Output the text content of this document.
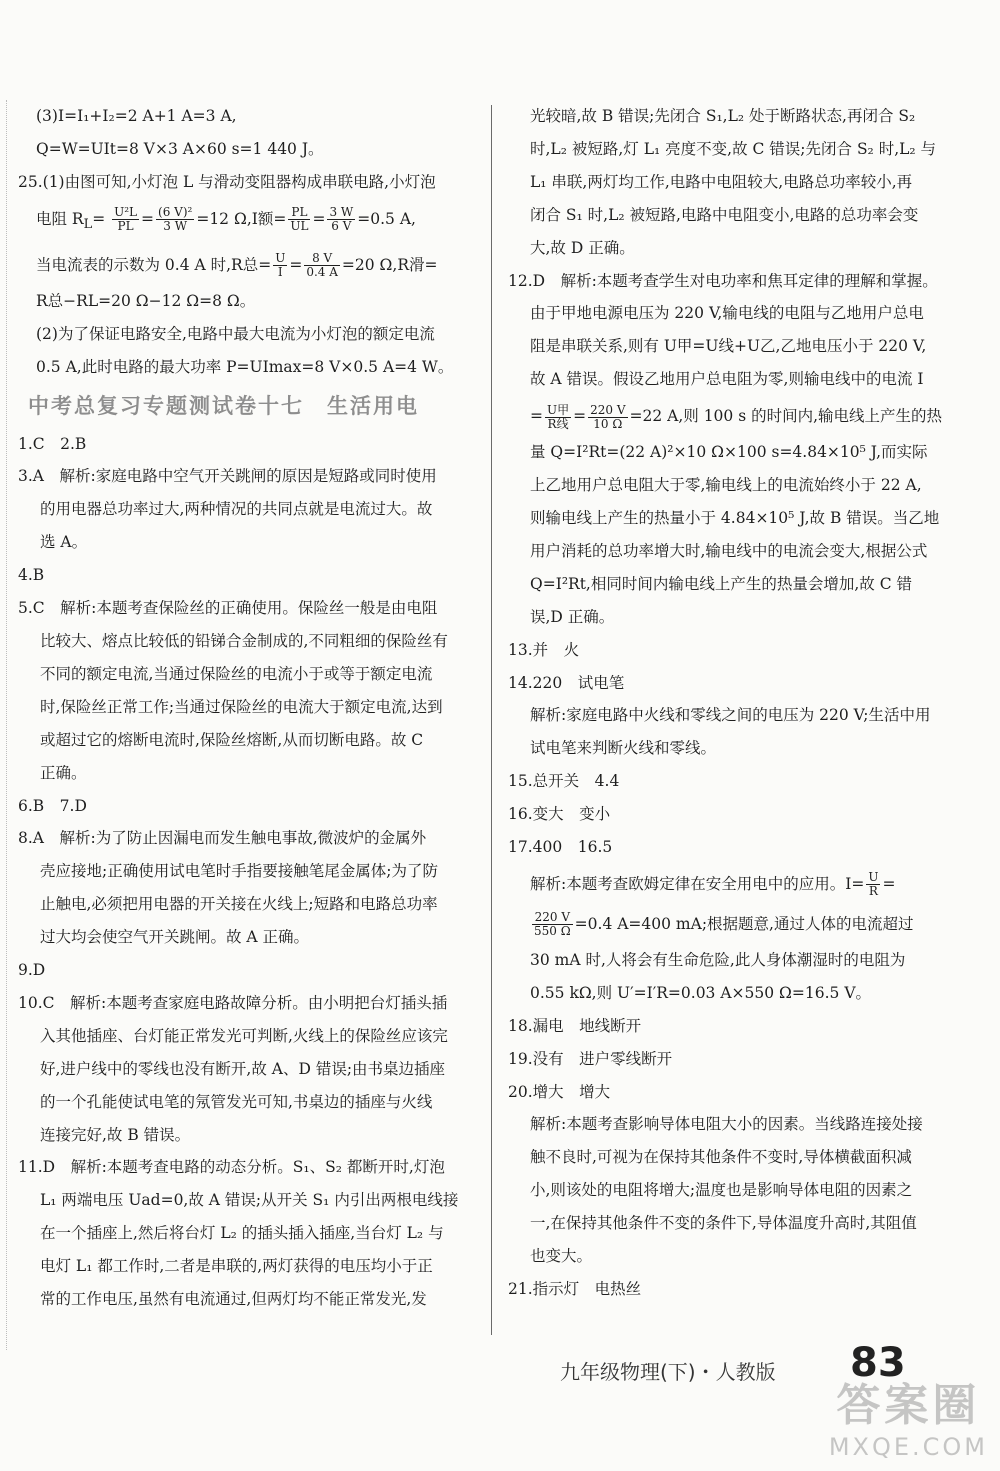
(3)I=I₁+I₂=2 A+1 A=3 A,
Q=W=UIt=8 V×3 A×60 s=1 440 J。
25.(1)由图可知,小灯泡 L 与滑动变阻器构成串联电路,小灯泡
电阻 $R_L= \frac{\text{U²L}}{PL} = \frac{\text{(6 V)²}}{3 W} =12$ Ω,I额= $\frac{PL}{UL} = \frac{3 W}{6 V} =0.5$ A,
当电流表的示数为 0.4 A 时,R总= $\frac{U}{I} = \frac{8 V}{0.4 A} =20$ Ω,R滑=
R总−RL=20 Ω−12 Ω=8 Ω。
(2)为了保证电路安全,电路中最大电流为小灯泡的额定电流
0.5 A,此时电路的最大功率 P=UImax=8 V×0.5 A=4 W。
中考总复习专题测试卷十七　生活用电
1.C　2.B
3.A　解析:家庭电路中空气开关跳闸的原因是短路或同时使用
的用电器总功率过大,两种情况的共同点就是电流过大。故
选 A。
4.B
5.C　解析:本题考查保险丝的正确使用。保险丝一般是由电阻
比较大、熔点比较低的铅锑合金制成的,不同粗细的保险丝有
不同的额定电流,当通过保险丝的电流小于或等于额定电流
时,保险丝正常工作;当通过保险丝的电流大于额定电流,达到
或超过它的熔断电流时,保险丝熔断,从而切断电路。故 C
正确。
6.B　7.D
8.A　解析:为了防止因漏电而发生触电事故,微波炉的金属外
壳应接地;正确使用试电笔时手指要接触笔尾金属体;为了防
止触电,必须把用电器的开关接在火线上;短路和电路总功率
过大均会使空气开关跳闸。故 A 正确。
9.D
10.C　解析:本题考查家庭电路故障分析。由小明把台灯插头插
入其他插座、台灯能正常发光可判断,火线上的保险丝应该完
好,进户线中的零线也没有断开,故 A、D 错误;由书桌边插座
的一个孔能使试电笔的氖管发光可知,书桌边的插座与火线
连接完好,故 B 错误。
11.D　解析:本题考查电路的动态分析。S₁、S₂ 都断开时,灯泡
L₁ 两端电压 Uad=0,故 A 错误;从开关 S₁ 内引出两根电线接
在一个插座上,然后将台灯 L₂ 的插头插入插座,当台灯 L₂ 与
电灯 L₁ 都工作时,二者是串联的,两灯获得的电压均小于正
常的工作电压,虽然有电流通过,但两灯均不能正常发光,发
光较暗,故 B 错误;先闭合 S₁,L₂ 处于断路状态,再闭合 S₂
时,L₂ 被短路,灯 L₁ 亮度不变,故 C 错误;先闭合 S₂ 时,L₂ 与
L₁ 串联,两灯均工作,电路中电阻较大,电路总功率较小,再
闭合 S₁ 时,L₂ 被短路,电路中电阻变小,电路的总功率会变
大,故 D 正确。
12.D　解析:本题考查学生对电功率和焦耳定律的理解和掌握。
由于甲地电源电压为 220 V,输电线的电阻与乙地用户总电
阻是串联关系,则有 U甲=U线+U乙,乙地电压小于 220 V,
故 A 错误。假设乙地用户总电阻为零,则输电线中的电流 I
= $\frac{\text{U甲}}{\text{R线}} = \frac{220 V}{10 \Omega} =22$ A,则 100 s 的时间内,输电线上产生的热
量 Q=I²Rt=(22 A)²×10 Ω×100 s=4.84×10⁵ J,而实际
上乙地用户总电阻大于零,输电线上的电流始终小于 22 A,
则输电线上产生的热量小于 4.84×10⁵ J,故 B 错误。当乙地
用户消耗的总功率增大时,输电线中的电流会变大,根据公式
Q=I²Rt,相同时间内输电线上产生的热量会增加,故 C 错
误,D 正确。
13.并　火
14.220　试电笔
解析:家庭电路中火线和零线之间的电压为 220 V;生活中用
试电笔来判断火线和零线。
15.总开关　4.4
16.变大　变小
17.400　16.5
解析:本题考查欧姆定律在安全用电中的应用。$I= \frac{U}{R}$ =
$\frac{220 V}{550 \Omega} =0.4$ A=400 mA;根据题意,通过人体的电流超过
30 mA 时,人将会有生命危险,此人身体潮湿时的电阻为
0.55 kΩ,则 U′=I′R=0.03 A×550 Ω=16.5 V。
18.漏电　地线断开
19.没有　进户零线断开
20.增大　增大
解析:本题考查影响导体电阻大小的因素。当线路连接处接
触不良时,可视为在保持其他条件不变时,导体横截面积减
小,则该处的电阻将增大;温度也是影响导体电阻的因素之
一,在保持其他条件不变的条件下,导体温度升高时,其阻值
也变大。
21.指示灯　电热丝
九年级物理(下)・人教版 83
答案圈
MXQE.COM
